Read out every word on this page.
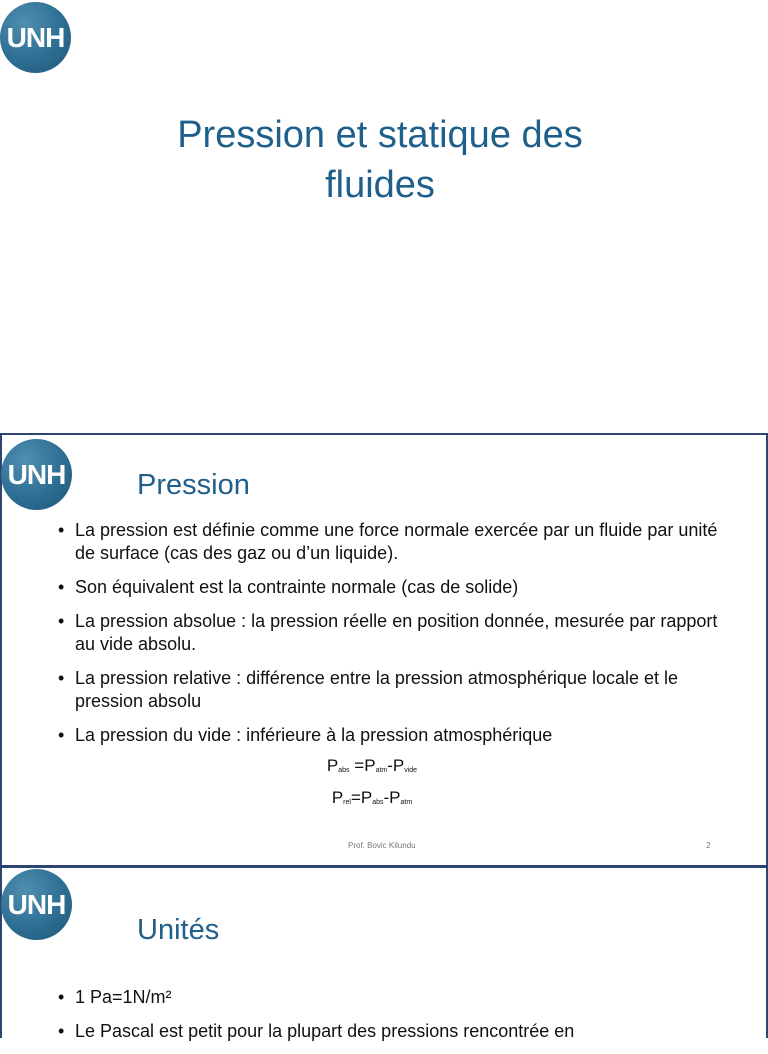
UNH
Pression et statique des fluides
UNH Pression
• La pression est définie comme une force normale exercée par un fluide par unité de surface (cas des gaz ou d’un liquide).
• Son équivalent est la contrainte normale (cas de solide)
• La pression absolue : la pression réelle en position donnée, mesurée par rapport au vide absolu.
• La pression relative : différence entre la pression atmosphérique locale et le pression absolu
• La pression du vide : inférieure à la pression atmosphérique
$P_{abs} =P_{atm}-P_{vide}$
$P_{rel}=P_{abs}-P_{atm}$
Prof. Bovic Kilundu	2
UNH
Unités
• 1 Pa=1N/m²
• Le Pascal est petit pour la plupart des pressions rencontrée en
